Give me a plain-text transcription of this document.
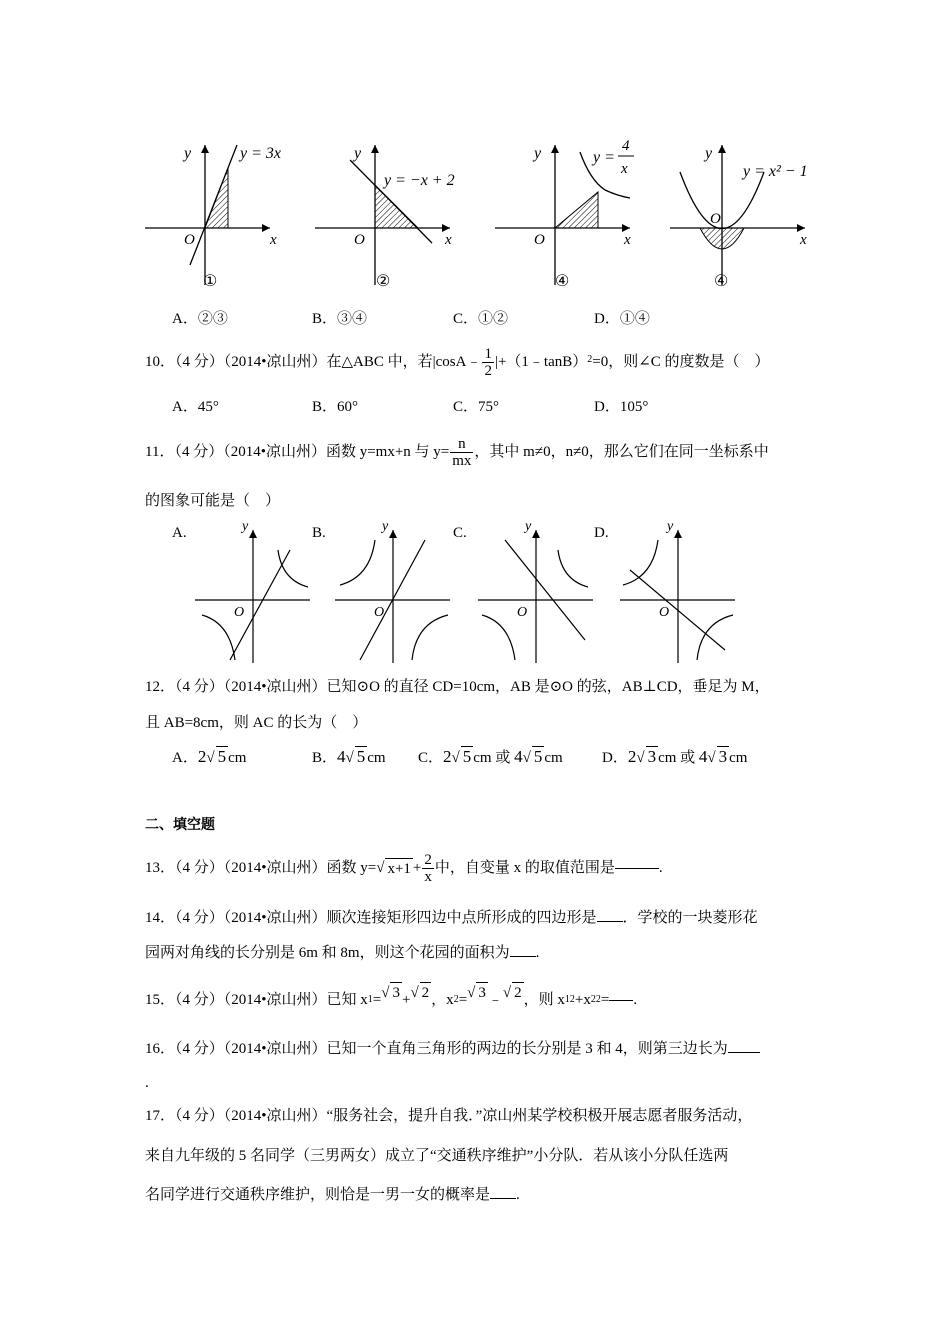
y
x
O
y = 3x
①
y
x
O
y = −x + 2
②
y
x
O
y =
4
x
④
y
x
O
y = x² − 1
④
A．②③	B．③④	C．①②	D．①④
10．（4 分）（2014•凉山州）在△ABC 中，若|cosA﹣ $\frac{1}{2}$ |+（1﹣tanB） 2 =0，则∠C 的度数是（　）
A．45°	B．60°	C．75°	D．105°
11．（4 分）（2014•凉山州）函数 y=mx+n 与 $y= \frac{n}{mx}$ ，其中 m≠0，n≠0，那么它们在同一坐标系中
的图象可能是（　）
A.	B.	C.	D.
y
O
y
O
y
O
y
O
12．（4 分）（2014•凉山州）已知⊙O 的直径 CD=10cm，AB 是⊙O 的弦，AB⊥CD，垂足为 M，
且 AB=8cm，则 AC 的长为（　）
A．2√ 5 cm	B．4√ 5 cm C．2√ 5 cm 或 4√ 5 cm	D．2√ 3 cm 或 4√ 3 cm
二、填空题
13．（4 分）（2014•凉山州）函数 y= √ $x+1 + \frac{2}{x}$ 中，自变量 x 的取值范围是	.
14．（4 分）（2014•凉山州）顺次连接矩形四边中点所形成的四边形是 ．学校的一块菱形花
园两对角线的长分别是 6m 和 8m，则这个花园的面积为 .
15．（4 分）（2014•凉山州）已知 x 1 = √ 3 + √ 2 ，x 2 = √ 3 ﹣ √ 2 ，则 x 1 2 +x 2 2 = .
16．（4 分）（2014•凉山州）已知一个直角三角形的两边的长分别是 3 和 4，则第三边长为
.
17．（4 分）（2014•凉山州）“服务社会，提升自我．”凉山州某学校积极开展志愿者服务活动，
来自九年级的 5 名同学（三男两女）成立了“交通秩序维护”小分队．若从该小分队任选两
名同学进行交通秩序维护，则恰是一男一女的概率是 .
